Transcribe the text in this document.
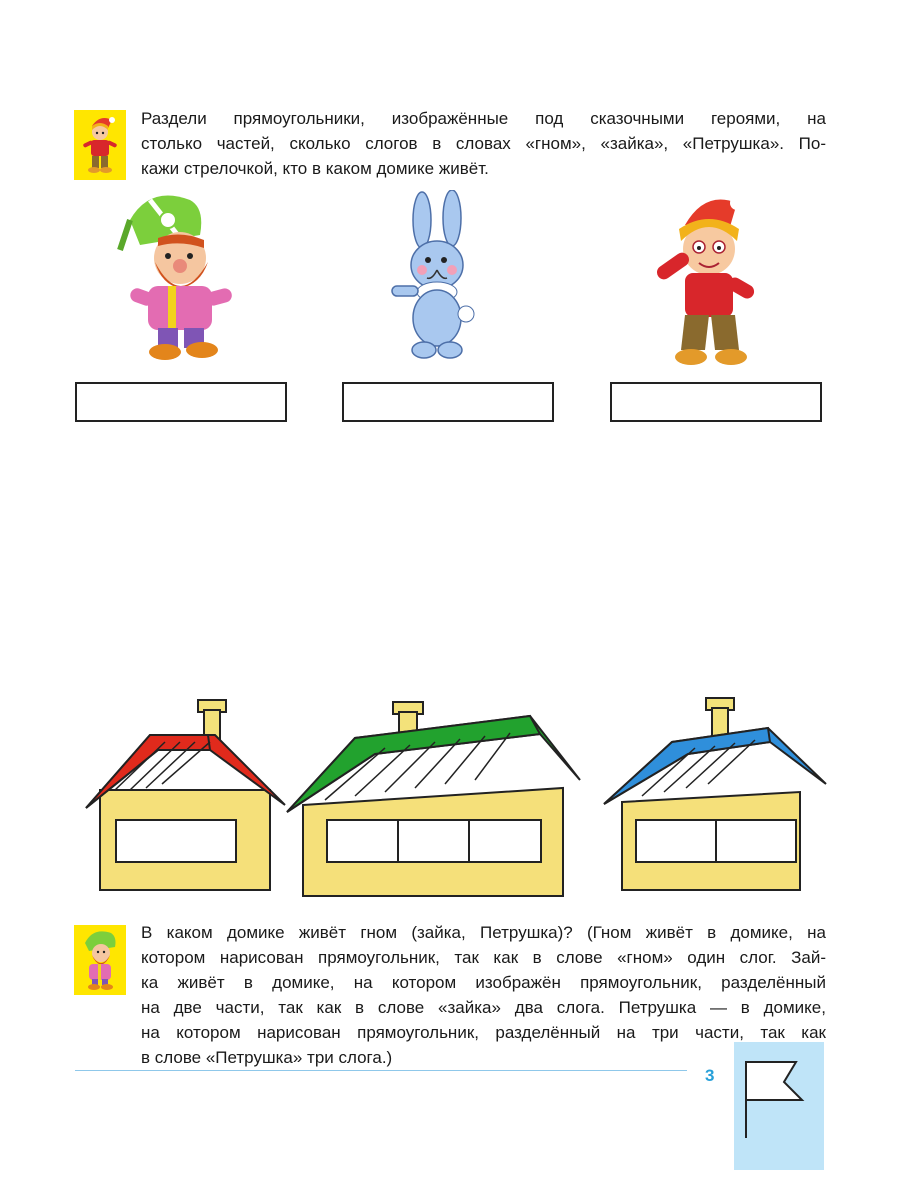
Раздели прямоугольники, изображённые под сказочными героями, на
столько частей, сколько слогов в словах «гном», «зайка», «Петрушка». По-
кажи стрелочкой, кто в каком домике живёт.
В каком домике живёт гном (зайка, Петрушка)? (Гном живёт в домике, на
котором нарисован прямоугольник, так как в слове «гном» один слог. Зай-
ка живёт в домике, на котором изображён прямоугольник, разделённый
на две части, так как в слове «зайка» два слога. Петрушка — в домике,
на котором нарисован прямоугольник, разделённый на три части, так как
в слове «Петрушка» три слога.)
3
